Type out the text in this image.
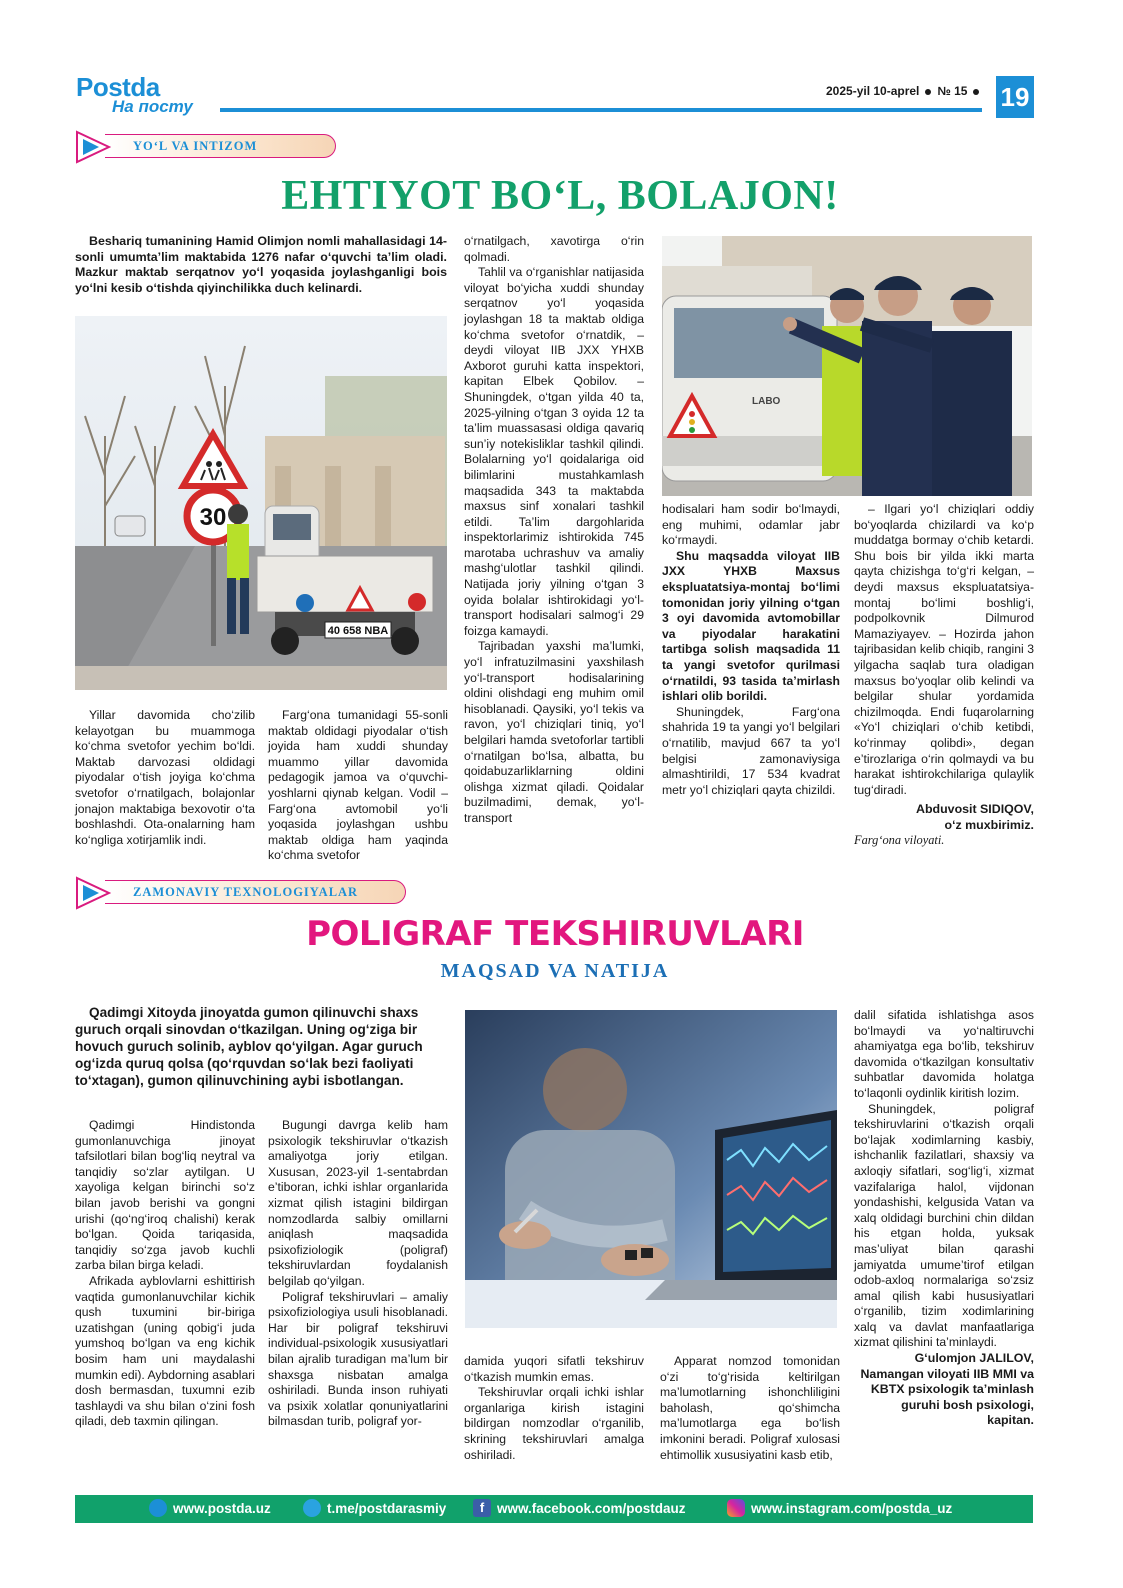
Postda
На посту
2025-yil 10-aprel № 15	19
YO‘L VA INTIZOM
EHTIYOT BO‘L, BOLAJON!

Beshariq tumanining Hamid Olimjon nomli mahallasidagi 14-sonli umumta’lim maktabida 1276 nafar o‘quvchi ta’lim oladi. Mazkur maktab serqatnov yo‘l yoqasida joylashganligi bois yo‘lni kesib o‘tishda qiyinchilikka duch kelinardi.

30
40 658 NBA
LABO

Yillar davomida cho‘zilib kelayotgan bu muammoga ko‘chma svetofor yechim bo‘ldi. Maktab darvozasi oldidagi piyodalar o‘tish joyiga ko‘chma svetofor o‘rnatilgach, bolajonlar jonajon maktabiga bexovotir o‘ta boshlashdi. Ota-onalarning ham ko‘ngliga xotirjamlik indi.

Farg‘ona tumanidagi 55-sonli maktab oldidagi piyodalar o‘tish joyida ham xuddi shunday muammo yillar davomida pedagogik jamoa va o‘quvchi-yoshlarni qiynab kelgan. Vodil –Farg‘ona avtomobil yo‘li yoqasida joylashgan ushbu maktab oldiga ham yaqinda ko‘chma svetofor

o‘rnatilgach, xavotirga o‘rin qolmadi.

Tahlil va o‘rganishlar natijasida viloyat bo‘yicha xuddi shunday serqatnov yo‘l yoqasida joylashgan 18 ta maktab oldiga ko‘chma svetofor o‘rnatdik, – deydi viloyat IIB JXX YHXB Axborot guruhi katta inspektori, kapitan Elbek Qobilov. – Shuningdek, o‘tgan yilda 40 ta, 2025-yilning o‘tgan 3 oyida 12 ta ta’lim muassasasi oldiga qavariq sun’iy notekisliklar tashkil qilindi. Bolalarning yo‘l qoidalariga oid bilimlarini mustahkamlash maqsadida 343 ta maktabda maxsus sinf xonalari tashkil etildi. Ta’lim dargohlarida inspektorlarimiz ishtirokida 745 marotaba uchrashuv va amaliy mashg‘ulotlar tashkil qilindi. Natijada joriy yilning o‘tgan 3 oyida bolalar ishtirokidagi yo‘l-transport hodisalari salmog‘i 29 foizga kamaydi.

Tajribadan yaxshi ma’lumki, yo‘l infratuzilmasini yaxshilash yo‘l-transport hodisalarining oldini olishdagi eng muhim omil hisoblanadi. Qaysiki, yo‘l tekis va ravon, yo‘l chiziqlari tiniq, yo‘l belgilari hamda svetoforlar tartibli o‘rnatilgan bo‘lsa, albatta, bu qoidabuzarliklarning oldini olishga xizmat qiladi. Qoidalar buzilmadimi, demak, yo‘l-transport

hodisalari ham sodir bo‘lmaydi, eng muhimi, odamlar jabr ko‘rmaydi.

Shu maqsadda viloyat IIB JXX YHXB Maxsus ekspluatatsiya-montaj bo‘limi tomonidan joriy yilning o‘tgan 3 oyi davomida avtomobillar va piyodalar harakatini tartibga solish maqsadida 11 ta yangi svetofor qurilmasi o‘rnatildi, 93 tasida ta’mirlash ishlari olib borildi.

Shuningdek, Farg‘ona shahrida 19 ta yangi yo‘l belgilari o‘rnatilib, mavjud 667 ta yo‘l belgisi zamonaviysiga almashtirildi, 17 534 kvadrat metr yo‘l chiziqlari qayta chizildi.

– Ilgari yo‘l chiziqlari oddiy bo‘yoqlarda chizilardi va ko‘p muddatga bormay o‘chib ketardi. Shu bois bir yilda ikki marta qayta chizishga to‘g‘ri kelgan, – deydi maxsus ekspluatatsiya-montaj bo‘limi boshlig‘i, podpolkovnik Dilmurod Mamaziyayev. – Hozirda jahon tajribasidan kelib chiqib, rangini 3 yilgacha saqlab tura oladigan maxsus bo‘yoqlar olib kelindi va belgilar shular yordamida chizilmoqda. Endi fuqarolarning «Yo‘l chiziqlari o‘chib ketibdi, ko‘rinmay qolibdi», degan e’tirozlariga o‘rin qolmaydi va bu harakat ishtirokchilariga qulaylik tug‘diradi.

Abduvosit SIDIQOV,
o‘z muxbirimiz.
Farg‘ona viloyati.
ZAMONAVIY TEXNOLOGIYALAR
POLIGRAF TEKSHIRUVLARI
MAQSAD VA NATIJA

Qadimgi Xitoyda jinoyatda gumon qilinuvchi shaxs guruch orqali sinovdan o‘tkazilgan. Uning og‘ziga bir hovuch guruch solinib, ayblov qo‘yilgan. Agar guruch og‘izda quruq qolsa (qo‘rquvdan so‘lak bezi faoliyati to‘xtagan), gumon qilinuvchining aybi isbotlangan.

Qadimgi Hindistonda gumonlanuvchiga jinoyat tafsilotlari bilan bog‘liq neytral va tanqidiy so‘zlar aytilgan. U xayoliga kelgan birinchi so‘z bilan javob berishi va gongni urishi (qo‘ng‘iroq chalishi) kerak bo‘lgan. Qoida tariqasida, tanqidiy so‘zga javob kuchli zarba bilan birga keladi.

Afrikada ayblovlarni eshittirish vaqtida gumonlanuvchilar kichik qush tuxumini bir-biriga uzatishgan (uning qobig‘i juda yumshoq bo‘lgan va eng kichik bosim ham uni maydalashi mumkin edi). Aybdorning asablari dosh bermasdan, tuxumni ezib tashlaydi va shu bilan o‘zini fosh qiladi, deb taxmin qilingan.

Bugungi davrga kelib ham psixologik tekshiruvlar o‘tkazish amaliyotga joriy etilgan. Xususan, 2023-yil 1-sentabrdan e’tiboran, ichki ishlar organlarida xizmat qilish istagini bildirgan nomzodlarda salbiy omillarni aniqlash maqsadida psixofiziologik (poligraf) tekshiruvlardan foydalanish belgilab qo‘yilgan.

Poligraf tekshiruvlari – amaliy psixofiziologiya usuli hisoblanadi. Har bir poligraf tekshiruvi individual-psixologik xususiyatlari bilan ajralib turadigan ma’lum bir shaxsga nisbatan amalga oshiriladi. Bunda inson ruhiyati va psixik xolatlar qonuniyatlarini bilmasdan turib, poligraf yor-

damida yuqori sifatli tekshiruv o‘tkazish mumkin emas.

Tekshiruvlar orqali ichki ishlar organlariga kirish istagini bildirgan nomzodlar o‘rganilib, skrining tekshiruvlari amalga oshiriladi.

Apparat nomzod tomonidan o‘zi to‘g‘risida keltirilgan ma’lumotlarning ishonchliligini baholash, qo‘shimcha ma’lumotlarga ega bo‘lish imkonini beradi. Poligraf xulosasi ehtimollik xususiyatini kasb etib,

dalil sifatida ishlatishga asos bo‘lmaydi va yo‘naltiruvchi ahamiyatga ega bo‘lib, tekshiruv davomida o‘tkazilgan konsultativ suhbatlar davomida holatga to‘laqonli oydinlik kiritish lozim.

Shuningdek, poligraf tekshiruvlarini o‘tkazish orqali bo‘lajak xodimlarning kasbiy, ishchanlik fazilatlari, shaxsiy va axloqiy sifatlari, sog‘lig‘i, xizmat vazifalariga halol, vijdonan yondashishi, kelgusida Vatan va xalq oldidagi burchini chin dildan his etgan holda, yuksak mas’uliyat bilan qarashi jamiyatda umume’tirof etilgan odob-axloq normalariga so‘zsiz amal qilish kabi hususiyatlari o‘rganilib, tizim xodimlarining xalq va davlat manfaatlariga xizmat qilishini ta’minlaydi.

G‘ulomjon JALILOV,
Namangan viloyati IIB MMI va KBTX psixologik ta’minlash guruhi bosh psixologi, kapitan.
www.postda.uz	t.me/postdarasmiy	f www.facebook.com/postdauz	www.instagram.com/postda_uz
